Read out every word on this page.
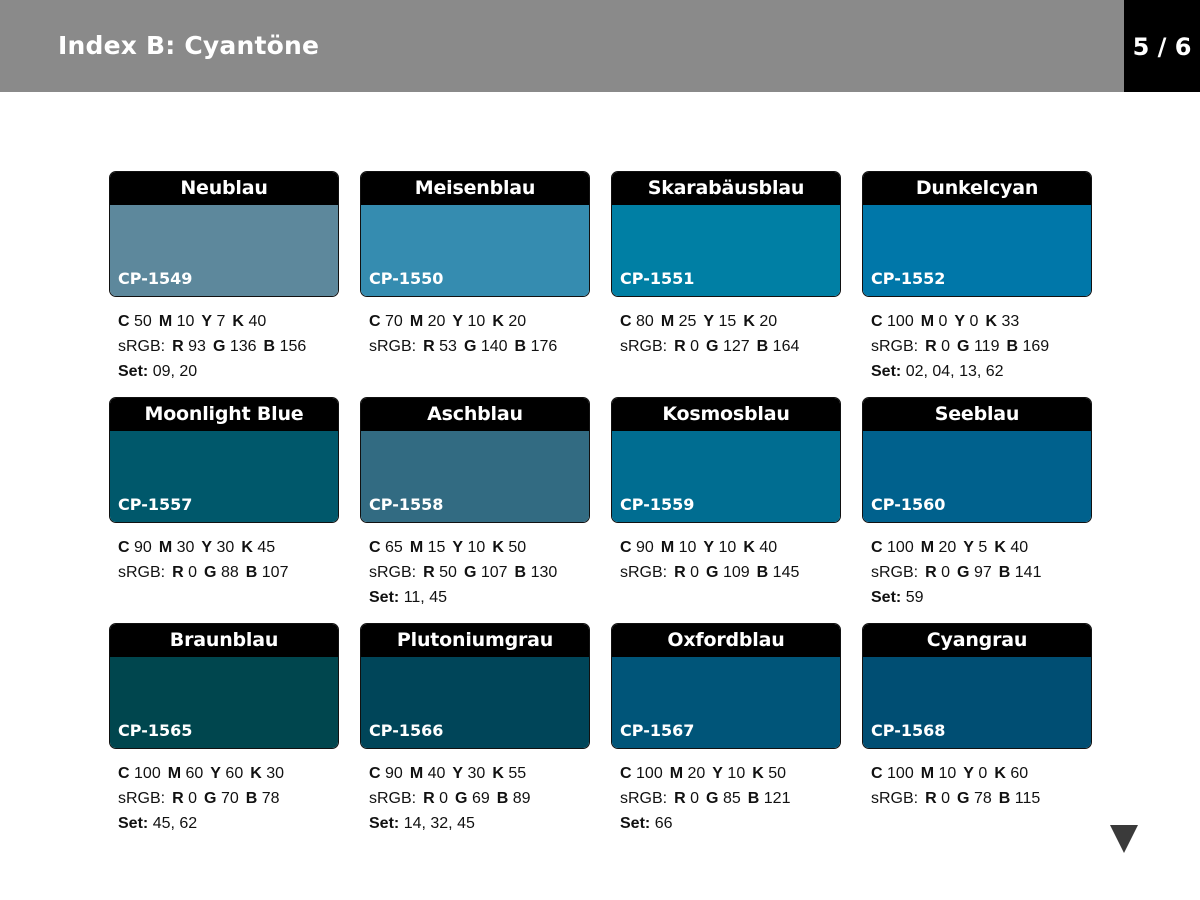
Index B: Cyantöne	5 / 6
Neublau
CP-1549
C 50 M 10 Y 7 K 40
sRGB: R 93 G 136 B 156
Set: 09, 20
Meisenblau
CP-1550
C 70 M 20 Y 10 K 20
sRGB: R 53 G 140 B 176
Skarabäusblau
CP-1551
C 80 M 25 Y 15 K 20
sRGB: R 0 G 127 B 164
Dunkelcyan
CP-1552
C 100 M 0 Y 0 K 33
sRGB: R 0 G 119 B 169
Set: 02, 04, 13, 62
Moonlight Blue
CP-1557
C 90 M 30 Y 30 K 45
sRGB: R 0 G 88 B 107
Aschblau
CP-1558
C 65 M 15 Y 10 K 50
sRGB: R 50 G 107 B 130
Set: 11, 45
Kosmosblau
CP-1559
C 90 M 10 Y 10 K 40
sRGB: R 0 G 109 B 145
Seeblau
CP-1560
C 100 M 20 Y 5 K 40
sRGB: R 0 G 97 B 141
Set: 59
Braunblau
CP-1565
C 100 M 60 Y 60 K 30
sRGB: R 0 G 70 B 78
Set: 45, 62
Plutoniumgrau
CP-1566
C 90 M 40 Y 30 K 55
sRGB: R 0 G 69 B 89
Set: 14, 32, 45
Oxfordblau
CP-1567
C 100 M 20 Y 10 K 50
sRGB: R 0 G 85 B 121
Set: 66
Cyangrau
CP-1568
C 100 M 10 Y 0 K 60
sRGB: R 0 G 78 B 115
